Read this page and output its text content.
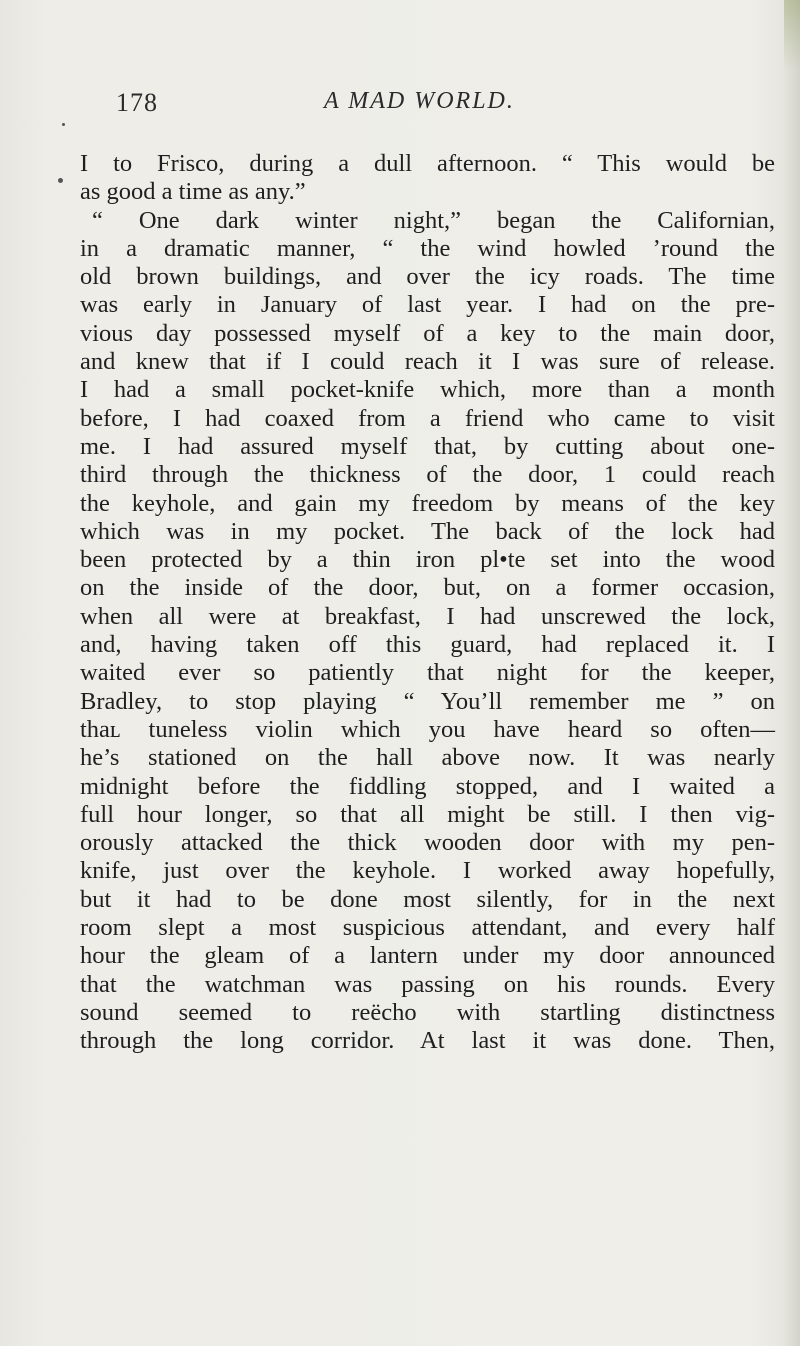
178	A MAD WORLD.
I to Frisco, during a dull afternoon. “ This would be
as good a time as any.”
“ One dark winter night,” began the Californian,
in a dramatic manner, “ the wind howled ’round the
old brown buildings, and over the icy roads. The time
was early in January of last year. I had on the pre-
vious day possessed myself of a key to the main door,
and knew that if I could reach it I was sure of release.
I had a small pocket-knife which, more than a month
before, I had coaxed from a friend who came to visit
me. I had assured myself that, by cutting about one-
third through the thickness of the door, 1 could reach
the keyhole, and gain my freedom by means of the key
which was in my pocket. The back of the lock had
been protected by a thin iron pl•te set into the wood
on the inside of the door, but, on a former occasion,
when all were at breakfast, I had unscrewed the lock,
and, having taken off this guard, had replaced it. I
waited ever so patiently that night for the keeper,
Bradley, to stop playing “ You’ll remember me ” on
thaʟ tuneless violin which you have heard so often—
he’s stationed on the hall above now. It was nearly
midnight before the fiddling stopped, and I waited a
full hour longer, so that all might be still. I then vig-
orously attacked the thick wooden door with my pen-
knife, just over the keyhole. I worked away hopefully,
but it had to be done most silently, for in the next
room slept a most suspicious attendant, and every half
hour the gleam of a lantern under my door announced
that the watchman was passing on his rounds. Every
sound seemed to reëcho with startling distinctness
through the long corridor. At last it was done. Then,
